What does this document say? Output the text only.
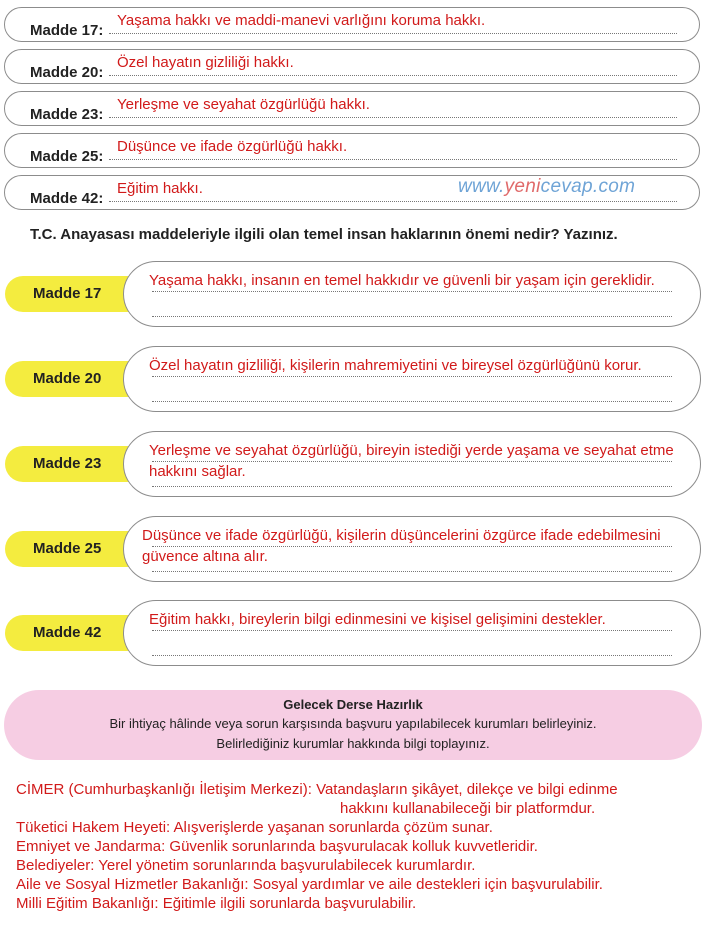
Madde 17:
Yaşama hakkı ve maddi-manevi varlığını koruma hakkı.
Madde 20:
Özel hayatın gizliliği hakkı.
Madde 23:
Yerleşme ve seyahat özgürlüğü hakkı.
Madde 25:
Düşünce ve ifade özgürlüğü hakkı.
Madde 42:
Eğitim hakkı.	www.yenicevap.com
T.C. Anayasası maddeleriyle ilgili olan temel insan haklarının önemi nedir? Yazınız.
Madde 17
Yaşama hakkı, insanın en temel hakkıdır ve güvenli bir yaşam için gereklidir.
Madde 20
Özel hayatın gizliliği, kişilerin mahremiyetini ve bireysel özgürlüğünü korur.
Madde 23
Yerleşme ve seyahat özgürlüğü, bireyin istediği yerde yaşama ve seyahat etme hakkını sağlar.
Madde 25
Düşünce ve ifade özgürlüğü, kişilerin düşüncelerini özgürce ifade edebilmesini güvence altına alır.
Madde 42
Eğitim hakkı, bireylerin bilgi edinmesini ve kişisel gelişimini destekler.
Gelecek Derse Hazırlık
Bir ihtiyaç hâlinde veya sorun karşısında başvuru yapılabilecek kurumları belirleyiniz.
Belirlediğiniz kurumlar hakkında bilgi toplayınız.
CİMER (Cumhurbaşkanlığı İletişim Merkezi): Vatandaşların şikâyet, dilekçe ve bilgi edinme
hakkını kullanabileceği bir platformdur.
Tüketici Hakem Heyeti: Alışverişlerde yaşanan sorunlarda çözüm sunar.
Emniyet ve Jandarma: Güvenlik sorunlarında başvurulacak kolluk kuvvetleridir.
Belediyeler: Yerel yönetim sorunlarında başvurulabilecek kurumlardır.
Aile ve Sosyal Hizmetler Bakanlığı: Sosyal yardımlar ve aile destekleri için başvurulabilir.
Milli Eğitim Bakanlığı: Eğitimle ilgili sorunlarda başvurulabilir.
